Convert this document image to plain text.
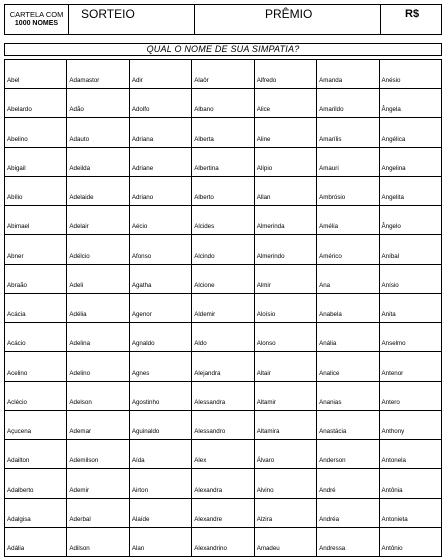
CARTELA COM
1000 NOMES
SORTEIO	PRÊMIO	R$
QUAL O NOME DE SUA SIMPATIA?
Abel	Adamastor	Adir	Alaôr	Alfredo	Amanda	Anésio
Abelardo	Adão	Adolfo	Albano	Alice	Amarildo	Ângela
Abelino	Adauto	Adriana	Alberta	Aline	Amarílis	Angélica
Abigail	Adeilda	Adriane	Albertina	Alípio	Amauri	Angelina
Abílio	Adelaide	Adriano	Alberto	Allan	Ambrósio	Angelita
Abimael	Adelair	Aécio	Alcides	Almerinda	Amélia	Ângelo
Abner	Adélcio	Afonso	Alcindo	Almerindo	Américo	Aníbal
Abraão	Adeli	Agatha	Alcione	Almir	Ana	Anísio
Acácia	Adélia	Agenor	Aldemir	Aloísio	Anabela	Anita
Acácio	Adelina	Agnaldo	Aldo	Alonso	Anália	Anselmo
Acelino	Adelino	Agnes	Alejandra	Altair	Analice	Antenor
Aclécio	Adelson	Agostinho	Alessandra	Altamir	Ananias	Antero
Açucena	Ademar	Aguinaldo	Alessandro	Altamira	Anastácia	Anthony
Adailton	Ademilson	Aída	Alex	Álvaro	Anderson	Antonela
Adalberto	Ademir	Airton	Alexandra	Alvino	André	Antônia
Adalgisa	Aderbal	Alaíde	Alexandre	Alzira	Andréa	Antonieta
Adália	Adilson	Alan	Alexandrino	Amadeu	Andressa	Antônio
